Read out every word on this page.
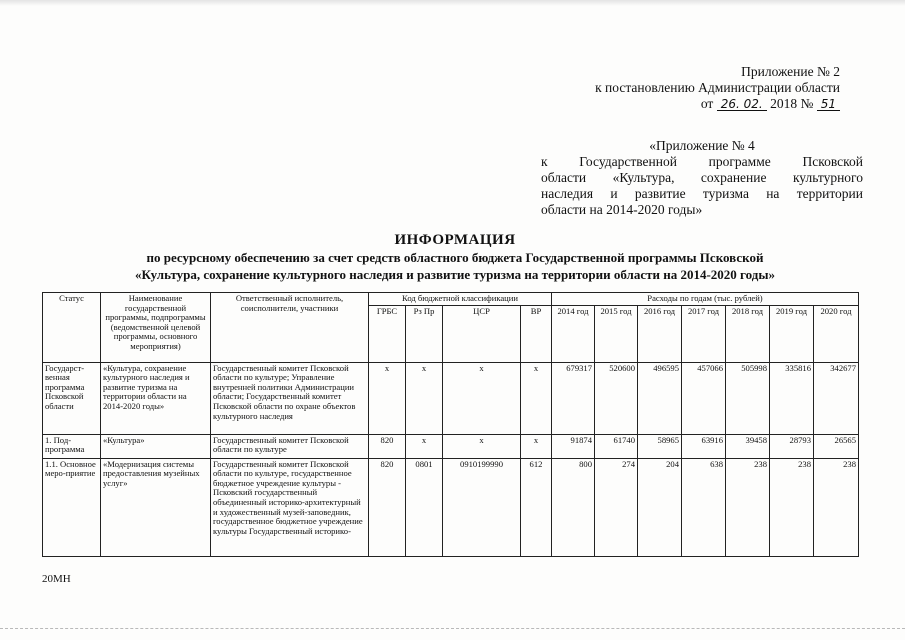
Приложение № 2
к постановлению Администрации области
от 26. 02. 2018 № 51
«Приложение № 4
к Государственной программе Псковской
области «Культура, сохранение культурного
наследия и развитие туризма на территории
области на 2014-2020 годы»
ИНФОРМАЦИЯ
по ресурсному обеспечению за счет средств областного бюджета Государственной программы Псковской
«Культура, сохранение культурного наследия и развитие туризма на территории области на 2014-2020 годы»
Статус	Наименование государственной программы, подпрограммы (ведомственной целевой программы, основного мероприятия)	Ответственный исполнитель, соисполнители, участники	Код бюджетной классификации				Расходы по годам (тыс. рублей)						
			ГРБС	Рз Пр	ЦСР	ВР	2014 год	2015 год	2016 год	2017 год	2018 год	2019 год	2020 год
Государст-венная программа Псковской области	«Культура, сохранение культурного наследия и развитие туризма на территории области на 2014-2020 годы»	Государственный комитет Псковской области по культуре; Управление внутренней политики Администрации области; Государственный комитет Псковской области по охране объектов культурного наследия	х	х	х	х	679317	520600	496595	457066	505998	335816	342677
1. Под-программа	«Культура»	Государственный комитет Псковской области по культуре	820	х	х	х	91874	61740	58965	63916	39458	28793	26565
1.1. Основное меро-приятие	«Модернизация системы предоставления музейных услуг»	Государственный комитет Псковской области по культуре, государственное бюджетное учреждение культуры - Псковский государственный объединенный историко-архитектурный и художественный музей-заповедник, государственное бюджетное учреждение культуры Государственный историко-	820	0801	0910199990	612	800	274	204	638	238	238	238
20МН
